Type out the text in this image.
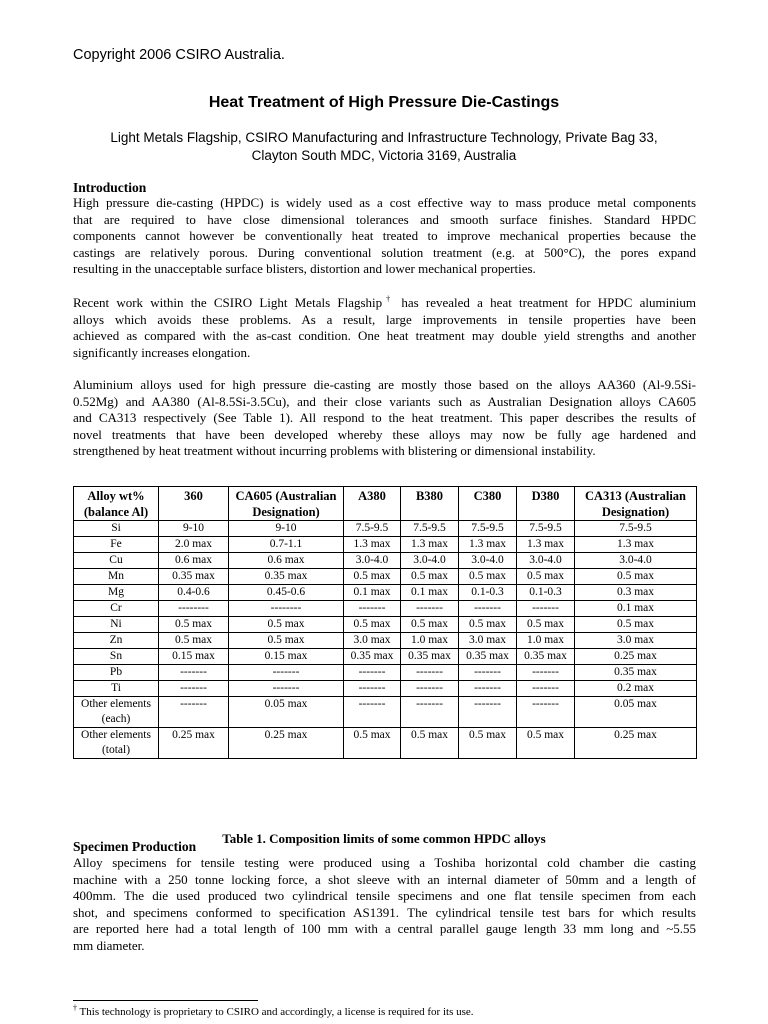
Copyright 2006 CSIRO Australia.
Heat Treatment of High Pressure Die-Castings
Light Metals Flagship, CSIRO Manufacturing and Infrastructure Technology, Private Bag 33,
Clayton South MDC, Victoria 3169, Australia
Introduction
High pressure die-casting (HPDC) is widely used as a cost effective way to mass produce metal components
that are required to have close dimensional tolerances and smooth surface finishes. Standard HPDC
components cannot however be conventionally heat treated to improve mechanical properties because the
castings are relatively porous. During conventional solution treatment (e.g. at 500°C), the pores expand
resulting in the unacceptable surface blisters, distortion and lower mechanical properties.
Recent work within the CSIRO Light Metals Flagship† has revealed a heat treatment for HPDC aluminium
alloys which avoids these problems. As a result, large improvements in tensile properties have been
achieved as compared with the as-cast condition. One heat treatment may double yield strengths and another
significantly increases elongation.
Aluminium alloys used for high pressure die-casting are mostly those based on the alloys AA360 (Al-9.5Si-
0.52Mg) and AA380 (Al-8.5Si-3.5Cu), and their close variants such as Australian Designation alloys CA605
and CA313 respectively (See Table 1). All respond to the heat treatment. This paper describes the results of
novel treatments that have been developed whereby these alloys may now be fully age hardened and
strengthened by heat treatment without incurring problems with blistering or dimensional instability.
Alloy wt% (balance Al)	360	CA605 (Australian Designation)	A380	B380	C380	D380	CA313 (Australian Designation)
Si	9-10	9-10	7.5-9.5	7.5-9.5	7.5-9.5	7.5-9.5	7.5-9.5
Fe	2.0 max	0.7-1.1	1.3 max	1.3 max	1.3 max	1.3 max	1.3 max
Cu	0.6 max	0.6 max	3.0-4.0	3.0-4.0	3.0-4.0	3.0-4.0	3.0-4.0
Mn	0.35 max	0.35 max	0.5 max	0.5 max	0.5 max	0.5 max	0.5 max
Mg	0.4-0.6	0.45-0.6	0.1 max	0.1 max	0.1-0.3	0.1-0.3	0.3 max
Cr	--------	--------	-------	-------	-------	-------	0.1 max
Ni	0.5 max	0.5 max	0.5 max	0.5 max	0.5 max	0.5 max	0.5 max
Zn	0.5 max	0.5 max	3.0 max	1.0 max	3.0 max	1.0 max	3.0 max
Sn	0.15 max	0.15 max	0.35 max	0.35 max	0.35 max	0.35 max	0.25 max
Pb	-------	-------	-------	-------	-------	-------	0.35 max
Ti	-------	-------	-------	-------	-------	-------	0.2 max
Other elements (each)	-------	0.05 max	-------	-------	-------	-------	0.05 max
Other elements (total)	0.25 max	0.25 max	0.5 max	0.5 max	0.5 max	0.5 max	0.25 max
Table 1. Composition limits of some common HPDC alloys
Specimen Production
Alloy specimens for tensile testing were produced using a Toshiba horizontal cold chamber die casting
machine with a 250 tonne locking force, a shot sleeve with an internal diameter of 50mm and a length of
400mm. The die used produced two cylindrical tensile specimens and one flat tensile specimen from each
shot, and specimens conformed to specification AS1391. The cylindrical tensile test bars for which results
are reported here had a total length of 100 mm with a central parallel gauge length 33 mm long and ~5.55
mm diameter.
† This technology is proprietary to CSIRO and accordingly, a license is required for its use.
